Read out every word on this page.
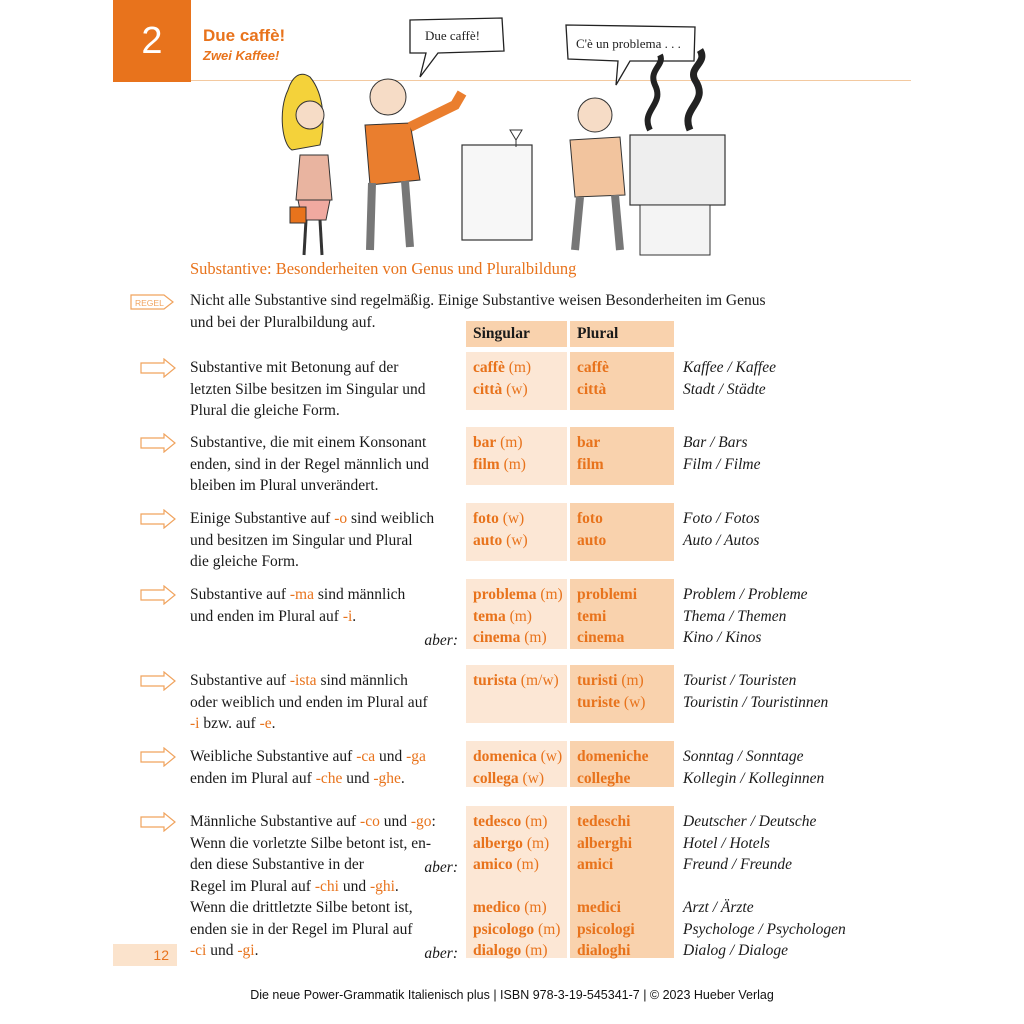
2 Due caffè!
Zwei Kaffee!
Due caffè!
C'è un problema . . .
Substantive: Besonderheiten von Genus und Pluralbildung
REGEL Nicht alle Substantive sind regelmäßig. Einige Substantive weisen Besonderheiten im Genus
und bei der Pluralbildung auf.
Singular	Plural
Substantive mit Betonung auf der
letzten Silbe besitzen im Singular und
Plural die gleiche Form.
caffè (m)
città (w)
caffè
città
Kaffee / Kaffee
Stadt / Städte
Substantive, die mit einem Konsonant
enden, sind in der Regel männlich und
bleiben im Plural unverändert.
bar (m)
film (m)
bar
film
Bar / Bars
Film / Filme
Einige Substantive auf -o sind weiblich
und besitzen im Singular und Plural
die gleiche Form.
foto (w)
auto (w)
foto
auto
Foto / Fotos
Auto / Autos
Substantive auf -ma sind männlich
und enden im Plural auf -i.
aber:
problema (m)
tema (m)
cinema (m)
problemi
temi
cinema
Problem / Probleme
Thema / Themen
Kino / Kinos
Substantive auf -ista sind männlich
oder weiblich und enden im Plural auf
-i bzw. auf -e.
turista (m/w)	turisti (m)
turiste (w)
Tourist / Touristen
Touristin / Touristinnen
Weibliche Substantive auf -ca und -ga
enden im Plural auf -che und -ghe.
domenica (w)
collega (w)
domeniche
colleghe
Sonntag / Sonntage
Kollegin / Kolleginnen
Männliche Substantive auf -co und -go:
Wenn die vorletzte Silbe betont ist, en-
den diese Substantive in der
Regel im Plural auf -chi und -ghi.
Wenn die drittletzte Silbe betont ist,
enden sie in der Regel im Plural auf
-ci und -gi.
aber:
aber:
tedesco (m)
albergo (m)
amico (m)

medico (m)
psicologo (m)
dialogo (m)
tedeschi
alberghi
amici

medici
psicologi
dialoghi
Deutscher / Deutsche
Hotel / Hotels
Freund / Freunde

Arzt / Ärzte
Psychologe / Psychologen
Dialog / Dialoge
12
Die neue Power-Grammatik Italienisch plus | ISBN 978-3-19-545341-7 | © 2023 Hueber Verlag
